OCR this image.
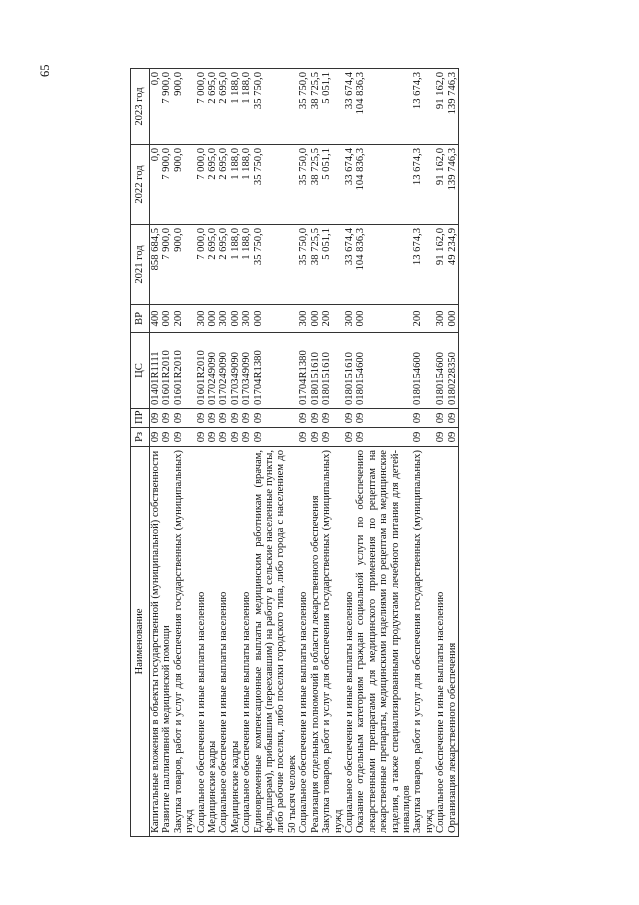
65
Наименование	Рз	ПР	ЦС	ВР	2021 год	2022 год	2023 год
Капитальные вложения в объекты государственной (муниципальной) собственности	09	09	01401R1111	400	858 684,5	0,0	0,0
Развитие паллиативной медицинской помощи	09	09	01601R2010	000	7 900,0	7 900,0	7 900,0
Закупка товаров, работ и услуг для обеспечения государственных (муниципальных) нужд	09	09	01601R2010	200	900,0	900,0	900,0
Социальное обеспечение и иные выплаты населению	09	09	01601R2010	300	7 000,0	7 000,0	7 000,0
Медицинские кадры	09	09	0170249090	000	2 695,0	2 695,0	2 695,0
Социальное обеспечение и иные выплаты населению	09	09	0170249090	300	2 695,0	2 695,0	2 695,0
Медицинские кадры	09	09	0170349090	000	1 188,0	1 188,0	1 188,0
Социальное обеспечение и иные выплаты населению	09	09	0170349090	300	1 188,0	1 188,0	1 188,0
Единовременные компенсационные выплаты медицинским работникам (врачам, фельдшерам), прибывшим (переехавшим) на работу в сельские населенные пункты, либо рабочие поселки, либо поселки городского типа, либо города с населением до 50 тысяч человек	09	09	01704R1380	000	35 750,0	35 750,0	35 750,0
Социальное обеспечение и иные выплаты населению	09	09	01704R1380	300	35 750,0	35 750,0	35 750,0
Реализация отдельных полномочий в области лекарственного обеспечения	09	09	0180151610	000	38 725,5	38 725,5	38 725,5
Закупка товаров, работ и услуг для обеспечения государственных (муниципальных) нужд	09	09	0180151610	200	5 051,1	5 051,1	5 051,1
Социальное обеспечение и иные выплаты населению	09	09	0180151610	300	33 674,4	33 674,4	33 674,4
Оказание отдельным категориям граждан социальной услуги по обеспечению лекарственными препаратами для медицинского применения по рецептам на лекарственные препараты, медицинскими изделиями по рецептам на медицинские изделия, а также специализированными продуктами лечебного питания для детей-инвалидов	09	09	0180154600	000	104 836,3	104 836,3	104 836,3
Закупка товаров, работ и услуг для обеспечения государственных (муниципальных) нужд	09	09	0180154600	200	13 674,3	13 674,3	13 674,3
Социальное обеспечение и иные выплаты населению	09	09	0180154600	300	91 162,0	91 162,0	91 162,0
Организация лекарственного обеспечения	09	09	0180228350	000	49 234,9	139 746,3	139 746,3
